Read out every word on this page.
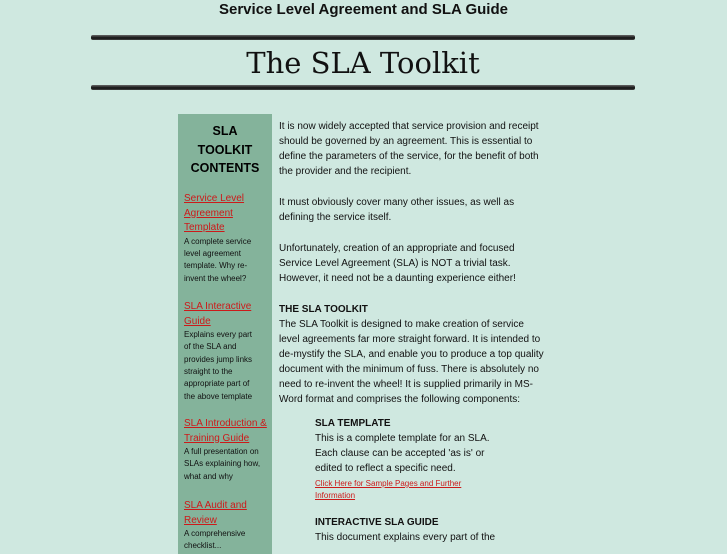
Service Level Agreement and SLA Guide
The SLA Toolkit
SLA
TOOLKIT
CONTENTS
Service Level
Agreement
Template
A complete service
level agreement
template. Why re-
invent the wheel?
SLA Interactive
Guide
Explains every part
of the SLA and
provides jump links
straight to the
appropriate part of
the above template
SLA Introduction &
Training Guide
A full presentation on
SLAs explaining how,
what and why
SLA Audit and
Review
A comprehensive
checklist...
It is now widely accepted that service provision and receipt
should be governed by an agreement. This is essential to
define the parameters of the service, for the benefit of both
the provider and the recipient.
It must obviously cover many other issues, as well as
defining the service itself.
Unfortunately, creation of an appropriate and focused
Service Level Agreement (SLA) is NOT a trivial task.
However, it need not be a daunting experience either!
THE SLA TOOLKIT
The SLA Toolkit is designed to make creation of service
level agreements far more straight forward. It is intended to
de-mystify the SLA, and enable you to produce a top quality
document with the minimum of fuss. There is absolutely no
need to re-invent the wheel! It is supplied primarily in MS-
Word format and comprises the following components:
SLA TEMPLATE
This is a complete template for an SLA.
Each clause can be accepted 'as is' or
edited to reflect a specific need.
Click Here for Sample Pages and Further
Information
INTERACTIVE SLA GUIDE
This document explains every part of the
